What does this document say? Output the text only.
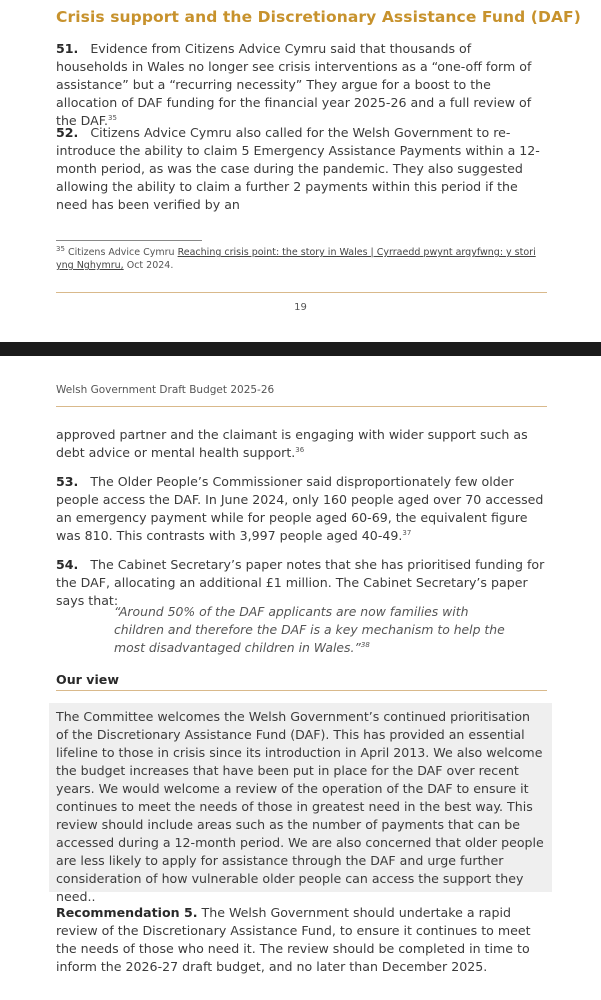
Crisis support and the Discretionary Assistance Fund (DAF)
51. Evidence from Citizens Advice Cymru said that thousands of households in Wales no longer see crisis interventions as a “one-off form of assistance” but a “recurring necessity” They argue for a boost to the allocation of DAF funding for the financial year 2025-26 and a full review of the DAF.$^{35}$
52. Citizens Advice Cymru also called for the Welsh Government to re-introduce the ability to claim 5 Emergency Assistance Payments within a 12-month period, as was the case during the pandemic. They also suggested allowing the ability to claim a further 2 payments within this period if the need has been verified by an
$^{35}$ Citizens Advice Cymru Reaching crisis point: the story in Wales | Cyrraedd pwynt argyfwng: y stori yng Nghymru, Oct 2024.
19
Welsh Government Draft Budget 2025-26
approved partner and the claimant is engaging with wider support such as debt advice or mental health support.$^{36}$
53. The Older People’s Commissioner said disproportionately few older people access the DAF. In June 2024, only 160 people aged over 70 accessed an emergency payment while for people aged 60-69, the equivalent figure was 810. This contrasts with 3,997 people aged 40-49.37
54. The Cabinet Secretary’s paper notes that she has prioritised funding for the DAF, allocating an additional £1 million. The Cabinet Secretary’s paper says that:
“Around 50% of the DAF applicants are now families with children and therefore the DAF is a key mechanism to help the most disadvantaged children in Wales.”$^{38}$
Our view
The Committee welcomes the Welsh Government’s continued prioritisation of the Discretionary Assistance Fund (DAF). This has provided an essential lifeline to those in crisis since its introduction in April 2013. We also welcome the budget increases that have been put in place for the DAF over recent years. We would welcome a review of the operation of the DAF to ensure it continues to meet the needs of those in greatest need in the best way. This review should include areas such as the number of payments that can be accessed during a 12-month period. We are also concerned that older people are less likely to apply for assistance through the DAF and urge further consideration of how vulnerable older people can access the support they need..
Recommendation 5. The Welsh Government should undertake a rapid review of the Discretionary Assistance Fund, to ensure it continues to meet the needs of those who need it. The review should be completed in time to inform the 2026-27 draft budget, and no later than December 2025.
